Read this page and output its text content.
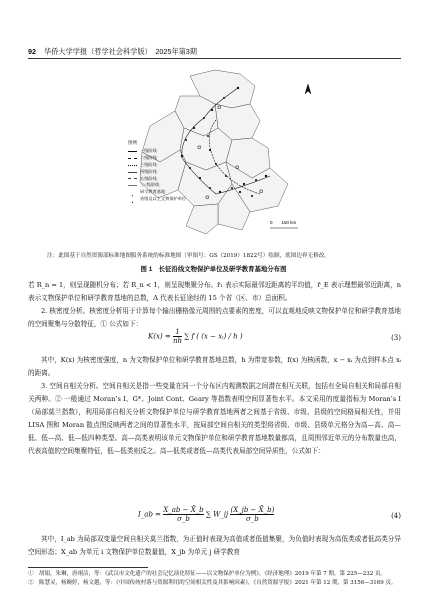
92 华侨大学学报（哲学社会科学版）　2025年第3期
0　　150 km
图例
一级阶线
二级阶线
三级阶线
四级阶线
五级阶线
三○级阶线
▪
研学教育基地
•
省级及以上文物保护单位
注：此图基于自然资源部标准地图服务系统的标准地图（审图号：GS（2019）1822号）绘制，底图边界无修改。
图 1　长征沿线文物保护单位及研学教育基地分布图

若 R_n = 1，则呈现随机分布；若 R_n < 1，则呈现集聚分布。r̄₁ 表示实际最邻近距离的平均值，r̄_E 表示理想最邻近距离，n 表示文物保护单位和研学教育基地的总数，A 代表长征途经的 15 个省（区、市）总面积。

2. 核密度分析。核密度分析用于计算每个输出栅格像元周围的点要素的密度，可以直观地反映文物保护单位和研学教育基地的空间聚集与分散特征，① 公式如下：

$K(x) = \frac{1}{nh}$ ∑ f ( (x − xᵢ) / h )	(3)

其中，K(x) 为核密度强度，n 为文物保护单位和研学教育基地总数，h 为带宽参数，f(x) 为核函数，x − xᵢ 为点到样本点 xᵢ 的距离。

3. 空间自相关分析。空间自相关是指一些变量在同一个分布区内观测数据之间潜在相互关联，包括有全局自相关和局部自相关两种。② 一般通过 Moran’s I、G*、Joint Cont、Geary 等指数表明空间显著性水平。本文采用的度量指标为 Moran’s I（局部莫兰指数），利用局部自相关分析文物保护单位与研学教育基地两者之间基于省级、市级、县级的空间格局相关性，并用 LISA 图和 Moran 散点图反映两者之间的显著性水平，按局部空间自相关的类型将省级、市级、县级单元格分为高—高、高—低、低—高、低—低四种类型。高—高类表明该单元文物保护单位和研学教育基地数量都高，且周围邻近单元的分布数量也高，代表高值的空间集聚特征，低—低类则反之。高—低类或者低—高类代表局部空间异质性，公式如下：

I_ab = $\frac{X\_ab - X̄\_b}{\sigma\_b}$ ∑ W_ij $\frac{(X\_jb - X̄\_b)}{\sigma\_b}$	(4)

其中，I_ab 为局部双变量空间自相关莫兰指数，为正值时表现为高值或者低值集聚，为负值时表现为高低类或者低高类分异空间形态；X_ab 为单元 i 文物保护单位数量值，X_jb 为单元 j 研学教育

①　胡娟，朱琳，唐翊洁，等：《武汉市文化遗产的社会记忆演化特征——以文物保护单位为例》，《经济地理》2019 年第 7 期，第 225—232 页。
②　陈慧灵，杨婉婷，杨文越，等：《中国传统村落与资源利用的空间相关性及其影响因素》，《自然资源学报》2021 年第 12 期，第 3156—3169 页。
